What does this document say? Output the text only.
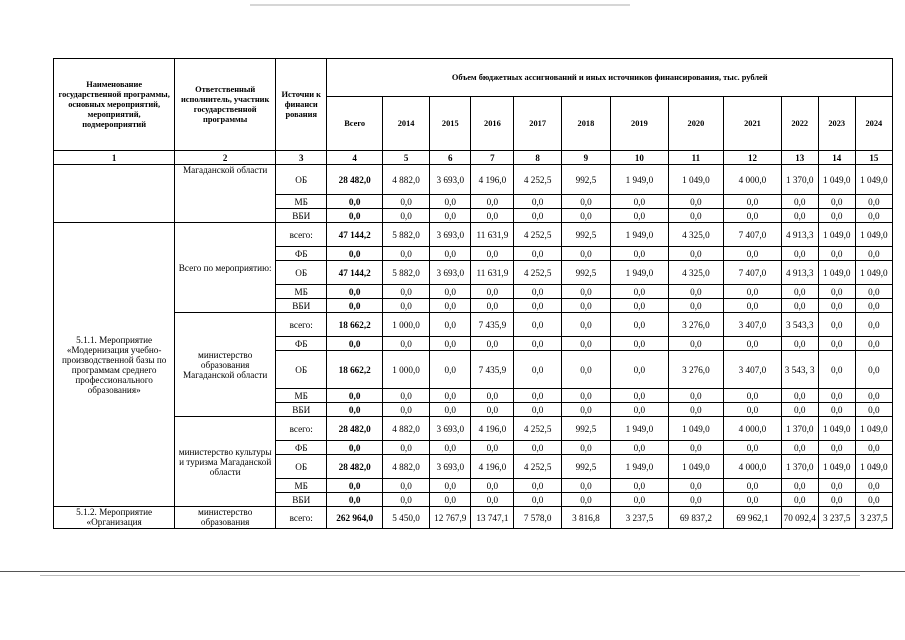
Наименование государственной программы, основных мероприятий, мероприятий, подмероприятий	Ответственный исполнитель, участник государственной программы	Источни к финанси рования	Объем бюджетных ассигнований и иных источников финансирования, тыс. рублей											
			Всего	2014	2015	2016	2017	2018	2019	2020	2021	2022	2023	2024
1	2	3	4	5	6	7	8	9	10	11	12	13	14	15
	Магаданской области	ОБ	28 482,0	4 882,0	3 693,0	4 196,0	4 252,5	992,5	1 949,0	1 049,0	4 000,0	1 370,0	1 049,0	1 049,0
		МБ	0,0	0,0	0,0	0,0	0,0	0,0	0,0	0,0	0,0	0,0	0,0	0,0
		ВБИ	0,0	0,0	0,0	0,0	0,0	0,0	0,0	0,0	0,0	0,0	0,0	0,0
5.1.1. Мероприятие «Модернизация учебно-производственной базы по программам среднего профессионального образования»	Всего по мероприятию:	всего:	47 144,2	5 882,0	3 693,0	11 631,9	4 252,5	992,5	1 949,0	4 325,0	7 407,0	4 913,3	1 049,0	1 049,0
		ФБ	0,0	0,0	0,0	0,0	0,0	0,0	0,0	0,0	0,0	0,0	0,0	0,0
		ОБ	47 144,2	5 882,0	3 693,0	11 631,9	4 252,5	992,5	1 949,0	4 325,0	7 407,0	4 913,3	1 049,0	1 049,0
		МБ	0,0	0,0	0,0	0,0	0,0	0,0	0,0	0,0	0,0	0,0	0,0	0,0
		ВБИ	0,0	0,0	0,0	0,0	0,0	0,0	0,0	0,0	0,0	0,0	0,0	0,0
	министерство образования Магаданской области	всего:	18 662,2	1 000,0	0,0	7 435,9	0,0	0,0	0,0	3 276,0	3 407,0	3 543,3	0,0	0,0
		ФБ	0,0	0,0	0,0	0,0	0,0	0,0	0,0	0,0	0,0	0,0	0,0	0,0
		ОБ	18 662,2	1 000,0	0,0	7 435,9	0,0	0,0	0,0	3 276,0	3 407,0	3 543, 3	0,0	0,0
		МБ	0,0	0,0	0,0	0,0	0,0	0,0	0,0	0,0	0,0	0,0	0,0	0,0
		ВБИ	0,0	0,0	0,0	0,0	0,0	0,0	0,0	0,0	0,0	0,0	0,0	0,0
	министерство культуры и туризма Магаданской области	всего:	28 482,0	4 882,0	3 693,0	4 196,0	4 252,5	992,5	1 949,0	1 049,0	4 000,0	1 370,0	1 049,0	1 049,0
		ФБ	0,0	0,0	0,0	0,0	0,0	0,0	0,0	0,0	0,0	0,0	0,0	0,0
		ОБ	28 482,0	4 882,0	3 693,0	4 196,0	4 252,5	992,5	1 949,0	1 049,0	4 000,0	1 370,0	1 049,0	1 049,0
		МБ	0,0	0,0	0,0	0,0	0,0	0,0	0,0	0,0	0,0	0,0	0,0	0,0
		ВБИ	0,0	0,0	0,0	0,0	0,0	0,0	0,0	0,0	0,0	0,0	0,0	0,0
5.1.2. Мероприятие «Организация	министерство образования	всего:	262 964,0	5 450,0	12 767,9	13 747,1	7 578,0	3 816,8	3 237,5	69 837,2	69 962,1	70 092,4	3 237,5	3 237,5
